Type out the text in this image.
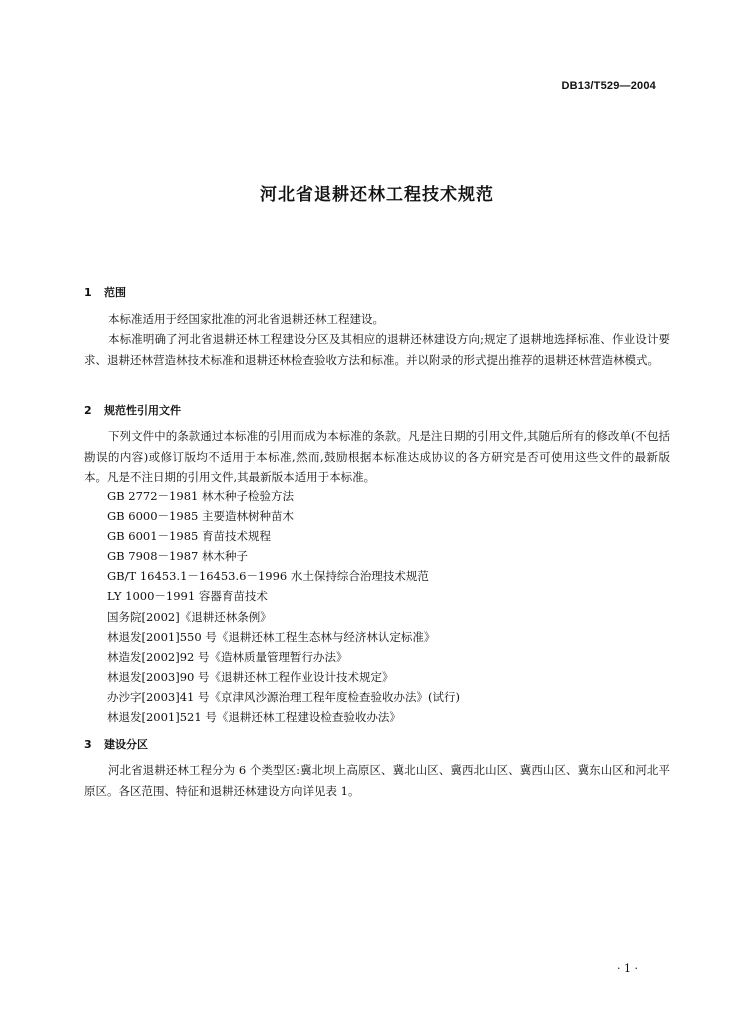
DB13/T529—2004
河北省退耕还林工程技术规范
1 范围

本标准适用于经国家批准的河北省退耕还林工程建设。

本标准明确了河北省退耕还林工程建设分区及其相应的退耕还林建设方向;规定了退耕地选择标准、作业设计要求、退耕还林营造林技术标准和退耕还林检查验收方法和标准。并以附录的形式提出推荐的退耕还林营造林模式。

2 规范性引用文件

下列文件中的条款通过本标准的引用而成为本标准的条款。凡是注日期的引用文件,其随后所有的修改单(不包括勘误的内容)或修订版均不适用于本标准,然而,鼓励根据本标准达成协议的各方研究是否可使用这些文件的最新版本。凡是不注日期的引用文件,其最新版本适用于本标准。

GB 2772－1981 林木种子检验方法
GB 6000－1985 主要造林树种苗木
GB 6001－1985 育苗技术规程
GB 7908－1987 林木种子
GB/T 16453.1－16453.6－1996 水土保持综合治理技术规范
LY 1000－1991 容器育苗技术
国务院[2002]《退耕还林条例》
林退发[2001]550 号《退耕还林工程生态林与经济林认定标准》
林造发[2002]92 号《造林质量管理暂行办法》
林退发[2003]90 号《退耕还林工程作业设计技术规定》
办沙字[2003]41 号《京津风沙源治理工程年度检查验收办法》(试行)
林退发[2001]521 号《退耕还林工程建设检查验收办法》
3 建设分区

河北省退耕还林工程分为 6 个类型区:冀北坝上高原区、冀北山区、冀西北山区、冀西山区、冀东山区和河北平原区。各区范围、特征和退耕还林建设方向详见表 1。

· 1 ·
